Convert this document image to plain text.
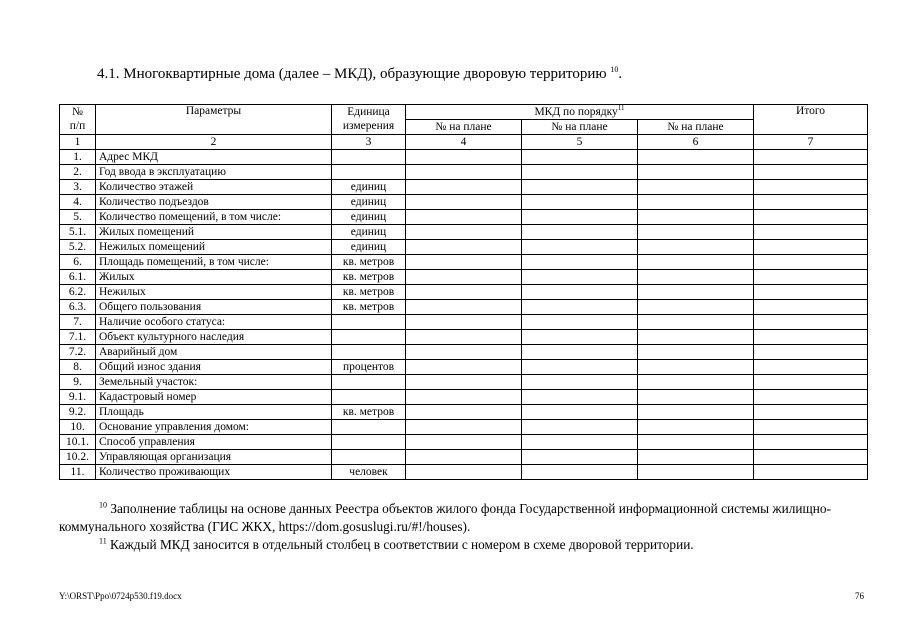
4.1. Многоквартирные дома (далее – МКД), образующие дворовую территорию $^{10}$.
№	Параметры	Единица	МКД по порядку$^{11}$			Итого
п/п		измерения	№ на плане	№ на плане	№ на плане	
1	2	3	4	5	6	7
1.	Адрес МКД					
2.	Год ввода в эксплуатацию					
3.	Количество этажей	единиц				
4.	Количество подъездов	единиц				
5.	Количество помещений, в том числе:	единиц				
5.1.	Жилых помещений	единиц				
5.2.	Нежилых помещений	единиц				
6.	Площадь помещений, в том числе:	кв. метров				
6.1.	Жилых	кв. метров				
6.2.	Нежилых	кв. метров				
6.3.	Общего пользования	кв. метров				
7.	Наличие особого статуса:					
7.1.	Объект культурного наследия					
7.2.	Аварийный дом					
8.	Общий износ здания	процентов				
9.	Земельный участок:					
9.1.	Кадастровый номер					
9.2.	Площадь	кв. метров				
10.	Основание управления домом:					
10.1.	Способ управления					
10.2.	Управляющая организация					
11.	Количество проживающих	человек				
$^{10}$ Заполнение таблицы на основе данных Реестра объектов жилого фонда Государственной информационной системы жилищно-коммунального хозяйства (ГИС ЖКХ, https://dom.gosuslugi.ru/#!/houses).
$^{11}$ Каждый МКД заносится в отдельный столбец в соответствии с номером в схеме дворовой территории.
Y:\ORST\Ppo\0724p530.f19.docx	76
